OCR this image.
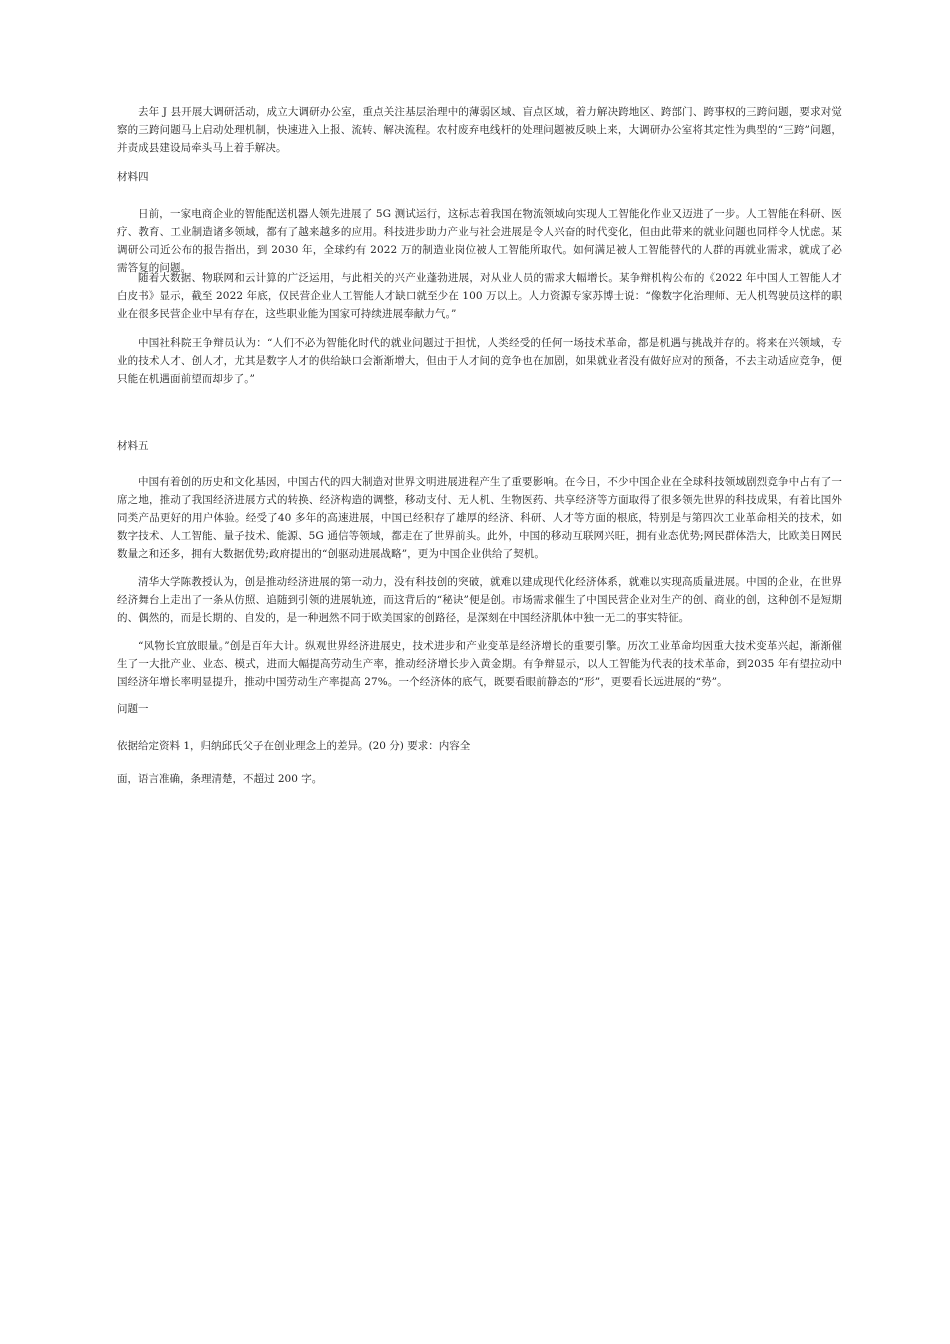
去年 J 县开展大调研活动，成立大调研办公室，重点关注基层治理中的薄弱区域、盲点区域，着力解决跨地区、跨部门、跨事权的三跨问题，要求对觉察的三跨问题马上启动处理机制，快速进入上报、流转、解决流程。农村废弃电线杆的处理问题被反映上来，大调研办公室将其定性为典型的“三跨”问题，并责成县建设局牵头马上着手解决。

材料四

日前，一家电商企业的智能配送机器人领先进展了 5G 测试运行，这标志着我国在物流领域向实现人工智能化作业又迈进了一步。人工智能在科研、医疗、教育、工业制造诸多领域，都有了越来越多的应用。科技进步助力产业与社会进展是令人兴奋的时代变化，但由此带来的就业问题也同样令人忧虑。某调研公司近公布的报告指出，到 2030 年，全球约有 2022 万的制造业岗位被人工智能所取代。如何满足被人工智能替代的人群的再就业需求，就成了必需答复的问题。

随着大数据、物联网和云计算的广泛运用，与此相关的兴产业蓬勃进展，对从业人员的需求大幅增长。某争辩机构公布的《2022 年中国人工智能人才白皮书》显示，截至 2022 年底，仅民营企业人工智能人才缺口就至少在 100 万以上。人力资源专家苏博士说：“像数字化治理师、无人机驾驶员这样的职业在很多民营企业中早有存在，这些职业能为国家可持续进展奉献力气。”

中国社科院王争辩员认为：“人们不必为智能化时代的就业问题过于担忧，人类经受的任何一场技术革命，都是机遇与挑战并存的。将来在兴领域，专业的技术人才、创人才，尤其是数字人才的供给缺口会渐渐增大，但由于人才间的竞争也在加剧，如果就业者没有做好应对的预备，不去主动适应竞争，便只能在机遇面前望而却步了。”

材料五

中国有着创的历史和文化基因，中国古代的四大制造对世界文明进展进程产生了重要影响。在今日，不少中国企业在全球科技领域剧烈竞争中占有了一席之地，推动了我国经济进展方式的转换、经济构造的调整，移动支付、无人机、生物医药、共享经济等方面取得了很多领先世界的科技成果，有着比国外同类产品更好的用户体验。经受了40 多年的高速进展，中国已经积存了雄厚的经济、科研、人才等方面的根底，特别是与第四次工业革命相关的技术，如数字技术、人工智能、量子技术、能源、5G 通信等领域，都走在了世界前头。此外，中国的移动互联网兴旺，拥有业态优势;网民群体浩大，比欧美日网民数量之和还多，拥有大数据优势;政府提出的“创驱动进展战略”，更为中国企业供给了契机。

清华大学陈教授认为，创是推动经济进展的第一动力，没有科技创的突破，就难以建成现代化经济体系，就难以实现高质量进展。中国的企业，在世界经济舞台上走出了一条从仿照、追随到引领的进展轨迹，而这背后的“秘诀”便是创。市场需求催生了中国民营企业对生产的创、商业的创，这种创不是短期的、偶然的，而是长期的、自发的，是一种迥然不同于欧美国家的创路径，是深刻在中国经济肌体中独一无二的事实特征。

“风物长宜放眼量。”创是百年大计。纵观世界经济进展史，技术进步和产业变革是经济增长的重要引擎。历次工业革命均因重大技术变革兴起，渐渐催生了一大批产业、业态、模式，进而大幅提高劳动生产率，推动经济增长步入黄金期。有争辩显示，以人工智能为代表的技术革命，到2035 年有望拉动中国经济年增长率明显提升，推动中国劳动生产率提高 27%。一个经济体的底气，既要看眼前静态的“形”，更要看长远进展的“势”。

问题一

依据给定资料 1，归纳邱氏父子在创业理念上的差异。(20 分) 要求：内容全

面，语言准确，条理清楚，不超过 200 字。
